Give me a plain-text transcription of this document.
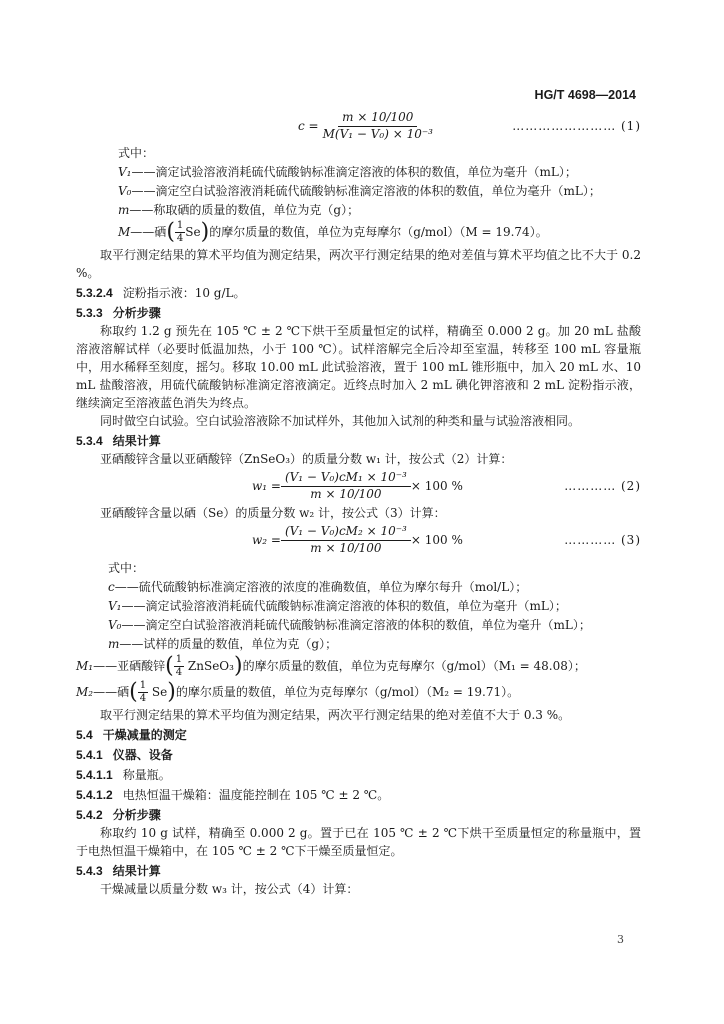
HG/T 4698—2014
$c = \frac{m \times 10/100}{\text{M(V₁ − V₀) × 10⁻³}}$	…………………… (1)
式中：
V₁——滴定试验溶液消耗硫代硫酸钠标准滴定溶液的体积的数值，单位为毫升（mL）；
V₀——滴定空白试验溶液消耗硫代硫酸钠标准滴定溶液的体积的数值，单位为毫升（mL）；
m——称取硒的质量的数值，单位为克（g）；
M——硒( $\frac{1}{4} Se$)的摩尔质量的数值，单位为克每摩尔（g/mol）（M = 19.74）。

取平行测定结果的算术平均值为测定结果，两次平行测定结果的绝对差值与算术平均值之比不大于 0.2 %。

5.3.2.4 淀粉指示液：10 g/L。
5.3.3 分析步骤

称取约 1.2 g 预先在 105 ℃ ± 2 ℃下烘干至质量恒定的试样，精确至 0.000 2 g。加 20 mL 盐酸溶液溶解试样（必要时低温加热，小于 100 ℃）。试样溶解完全后冷却至室温，转移至 100 mL 容量瓶中，用水稀释至刻度，摇匀。移取 10.00 mL 此试验溶液，置于 100 mL 锥形瓶中，加入 20 mL 水、10 mL 盐酸溶液，用硫代硫酸钠标准滴定溶液滴定。近终点时加入 2 mL 碘化钾溶液和 2 mL 淀粉指示液，继续滴定至溶液蓝色消失为终点。

同时做空白试验。空白试验溶液除不加试样外，其他加入试剂的种类和量与试验溶液相同。

5.3.4 结果计算

亚硒酸锌含量以亚硒酸锌（ZnSeO₃）的质量分数 w₁ 计，按公式（2）计算：

$w_1 = \frac{\text{(V₁ − V₀)cM₁ × 10⁻³}}{m \times 10/100} \times 100$ %	………… (2)

亚硒酸锌含量以硒（Se）的质量分数 w₂ 计，按公式（3）计算：

$w_2 = \frac{\text{(V₁ − V₀)cM₂ × 10⁻³}}{m \times 10/100} \times 100$ %	………… (3)
式中：
c——硫代硫酸钠标准滴定溶液的浓度的准确数值，单位为摩尔每升（mol/L）；
V₁——滴定试验溶液消耗硫代硫酸钠标准滴定溶液的体积的数值，单位为毫升（mL）；
V₀——滴定空白试验溶液消耗硫代硫酸钠标准滴定溶液的体积的数值，单位为毫升（mL）；
m——试样的质量的数值，单位为克（g）；
M₁——亚硒酸锌( $\frac{1}{4}$ ZnSeO₃)的摩尔质量的数值，单位为克每摩尔（g/mol）（M₁ = 48.08）；
M₂——硒( $\frac{1}{4} Se$)的摩尔质量的数值，单位为克每摩尔（g/mol）（M₂ = 19.71）。

取平行测定结果的算术平均值为测定结果，两次平行测定结果的绝对差值不大于 0.3 %。

5.4 干燥减量的测定
5.4.1 仪器、设备
5.4.1.1 称量瓶。
5.4.1.2 电热恒温干燥箱：温度能控制在 105 ℃ ± 2 ℃。
5.4.2 分析步骤

称取约 10 g 试样，精确至 0.000 2 g。置于已在 105 ℃ ± 2 ℃下烘干至质量恒定的称量瓶中，置于电热恒温干燥箱中，在 105 ℃ ± 2 ℃下干燥至质量恒定。

5.4.3 结果计算

干燥减量以质量分数 w₃ 计，按公式（4）计算：

3
